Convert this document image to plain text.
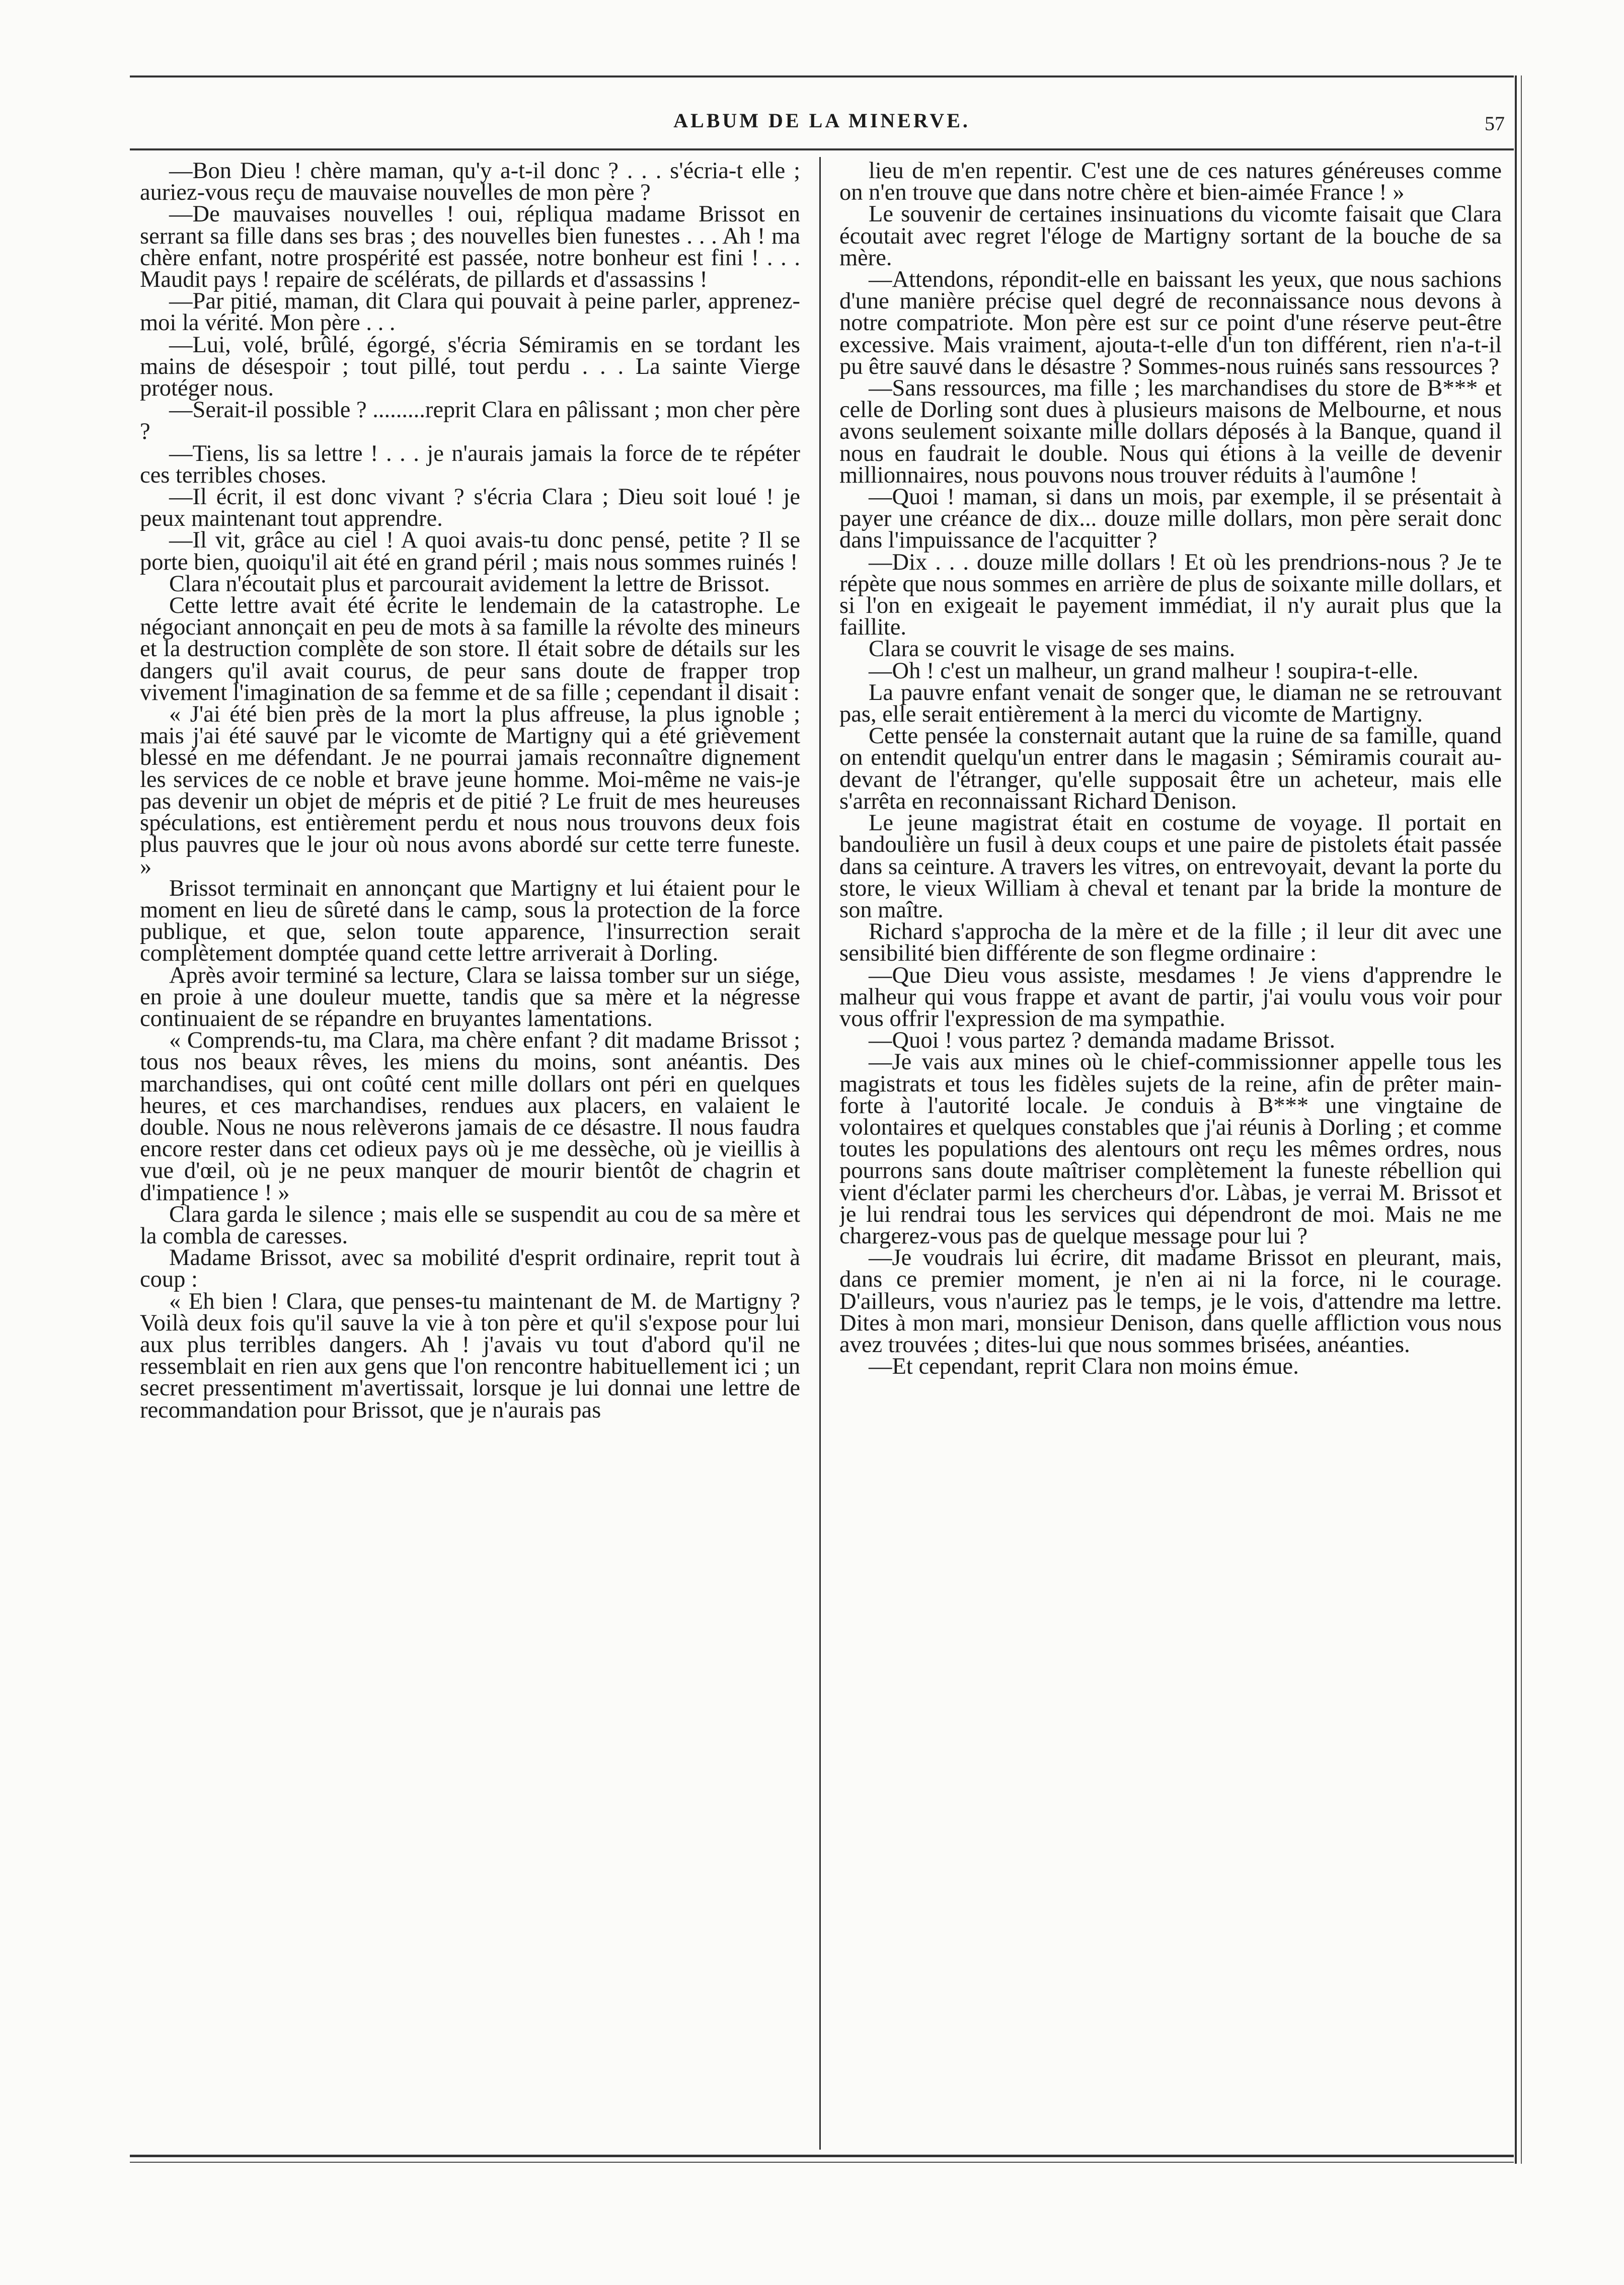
ALBUM DE LA MINERVE.	57

—Bon Dieu ! chère maman, qu'y a-t-il donc ? . . . s'écria-t elle ; auriez-vous reçu de mauvaise nouvelles de mon père ?

—De mauvaises nouvelles ! oui, répliqua madame Brissot en serrant sa fille dans ses bras ; des nouvelles bien funestes . . . Ah ! ma chère enfant, notre prospérité est passée, notre bonheur est fini ! . . . Maudit pays ! repaire de scélérats, de pillards et d'assassins !

—Par pitié, maman, dit Clara qui pouvait à peine parler, apprenez-moi la vérité. Mon père . . .

—Lui, volé, brûlé, égorgé, s'écria Sémiramis en se tordant les mains de désespoir ; tout pillé, tout perdu . . . La sainte Vierge protéger nous.

—Serait-il possible ? .........reprit Clara en pâlissant ; mon cher père ?

—Tiens, lis sa lettre ! . . . je n'aurais jamais la force de te répéter ces terribles choses.

—Il écrit, il est donc vivant ? s'écria Clara ; Dieu soit loué ! je peux maintenant tout apprendre.

—Il vit, grâce au ciel ! A quoi avais-tu donc pensé, petite ? Il se porte bien, quoiqu'il ait été en grand péril ; mais nous sommes ruinés !

Clara n'écoutait plus et parcourait avidement la lettre de Brissot.

Cette lettre avait été écrite le lendemain de la catastrophe. Le négociant annonçait en peu de mots à sa famille la révolte des mineurs et la destruction complète de son store. Il était sobre de détails sur les dangers qu'il avait courus, de peur sans doute de frapper trop vivement l'imagination de sa femme et de sa fille ; cependant il disait :

« J'ai été bien près de la mort la plus affreuse, la plus ignoble ; mais j'ai été sauvé par le vicomte de Martigny qui a été grièvement blessé en me défendant. Je ne pourrai jamais reconnaître dignement les services de ce noble et brave jeune homme. Moi-même ne vais-je pas devenir un objet de mépris et de pitié ? Le fruit de mes heureuses spéculations, est entièrement perdu et nous nous trouvons deux fois plus pauvres que le jour où nous avons abordé sur cette terre funeste. »

Brissot terminait en annonçant que Martigny et lui étaient pour le moment en lieu de sûreté dans le camp, sous la protection de la force publique, et que, selon toute apparence, l'insurrection serait complètement domptée quand cette lettre arriverait à Dorling.

Après avoir terminé sa lecture, Clara se laissa tomber sur un siége, en proie à une douleur muette, tandis que sa mère et la négresse continuaient de se répandre en bruyantes lamentations.

« Comprends-tu, ma Clara, ma chère enfant ? dit madame Brissot ; tous nos beaux rêves, les miens du moins, sont anéantis. Des marchandises, qui ont coûté cent mille dollars ont péri en quelques heures, et ces marchandises, rendues aux placers, en valaient le double. Nous ne nous relèverons jamais de ce désastre. Il nous faudra encore rester dans cet odieux pays où je me dessèche, où je vieillis à vue d'œil, où je ne peux manquer de mourir bientôt de chagrin et d'impatience ! »

Clara garda le silence ; mais elle se suspendit au cou de sa mère et la combla de caresses.

Madame Brissot, avec sa mobilité d'esprit ordinaire, reprit tout à coup :

« Eh bien ! Clara, que penses-tu maintenant de M. de Martigny ? Voilà deux fois qu'il sauve la vie à ton père et qu'il s'expose pour lui aux plus terribles dangers. Ah ! j'avais vu tout d'abord qu'il ne ressemblait en rien aux gens que l'on rencontre habituellement ici ; un secret pressentiment m'avertissait, lorsque je lui donnai une lettre de recommandation pour Brissot, que je n'aurais pas

lieu de m'en repentir. C'est une de ces natures généreuses comme on n'en trouve que dans notre chère et bien-aimée France ! »

Le souvenir de certaines insinuations du vicomte faisait que Clara écoutait avec regret l'éloge de Martigny sortant de la bouche de sa mère.

—Attendons, répondit-elle en baissant les yeux, que nous sachions d'une manière précise quel degré de reconnaissance nous devons à notre compatriote. Mon père est sur ce point d'une réserve peut-être excessive. Mais vraiment, ajouta-t-elle d'un ton différent, rien n'a-t-il pu être sauvé dans le désastre ? Sommes-nous ruinés sans ressources ?

—Sans ressources, ma fille ; les marchandises du store de B*** et celle de Dorling sont dues à plusieurs maisons de Melbourne, et nous avons seulement soixante mille dollars déposés à la Banque, quand il nous en faudrait le double. Nous qui étions à la veille de devenir millionnaires, nous pouvons nous trouver réduits à l'aumône !

—Quoi ! maman, si dans un mois, par exemple, il se présentait à payer une créance de dix... douze mille dollars, mon père serait donc dans l'impuissance de l'acquitter ?

—Dix . . . douze mille dollars ! Et où les prendrions-nous ? Je te répète que nous sommes en arrière de plus de soixante mille dollars, et si l'on en exigeait le payement immédiat, il n'y aurait plus que la faillite.

Clara se couvrit le visage de ses mains.

—Oh ! c'est un malheur, un grand malheur ! soupira-t-elle.

La pauvre enfant venait de songer que, le diaman ne se retrouvant pas, elle serait entièrement à la merci du vicomte de Martigny.

Cette pensée la consternait autant que la ruine de sa famille, quand on entendit quelqu'un entrer dans le magasin ; Sémiramis courait au-devant de l'étranger, qu'elle supposait être un acheteur, mais elle s'arrêta en reconnaissant Richard Denison.

Le jeune magistrat était en costume de voyage. Il portait en bandoulière un fusil à deux coups et une paire de pistolets était passée dans sa ceinture. A travers les vitres, on entrevoyait, devant la porte du store, le vieux William à cheval et tenant par la bride la monture de son maître.

Richard s'approcha de la mère et de la fille ; il leur dit avec une sensibilité bien différente de son flegme ordinaire :

—Que Dieu vous assiste, mesdames ! Je viens d'apprendre le malheur qui vous frappe et avant de partir, j'ai voulu vous voir pour vous offrir l'expression de ma sympathie.

—Quoi ! vous partez ? demanda madame Brissot.

—Je vais aux mines où le chief-commissionner appelle tous les magistrats et tous les fidèles sujets de la reine, afin de prêter main-forte à l'autorité locale. Je conduis à B*** une vingtaine de volontaires et quelques constables que j'ai réunis à Dorling ; et comme toutes les populations des alentours ont reçu les mêmes ordres, nous pourrons sans doute maîtriser complètement la funeste rébellion qui vient d'éclater parmi les chercheurs d'or. Làbas, je verrai M. Brissot et je lui rendrai tous les services qui dépendront de moi. Mais ne me chargerez-vous pas de quelque message pour lui ?

—Je voudrais lui écrire, dit madame Brissot en pleurant, mais, dans ce premier moment, je n'en ai ni la force, ni le courage. D'ailleurs, vous n'auriez pas le temps, je le vois, d'attendre ma lettre. Dites à mon mari, monsieur Denison, dans quelle affliction vous nous avez trouvées ; dites-lui que nous sommes brisées, anéanties.

—Et cependant, reprit Clara non moins émue.
